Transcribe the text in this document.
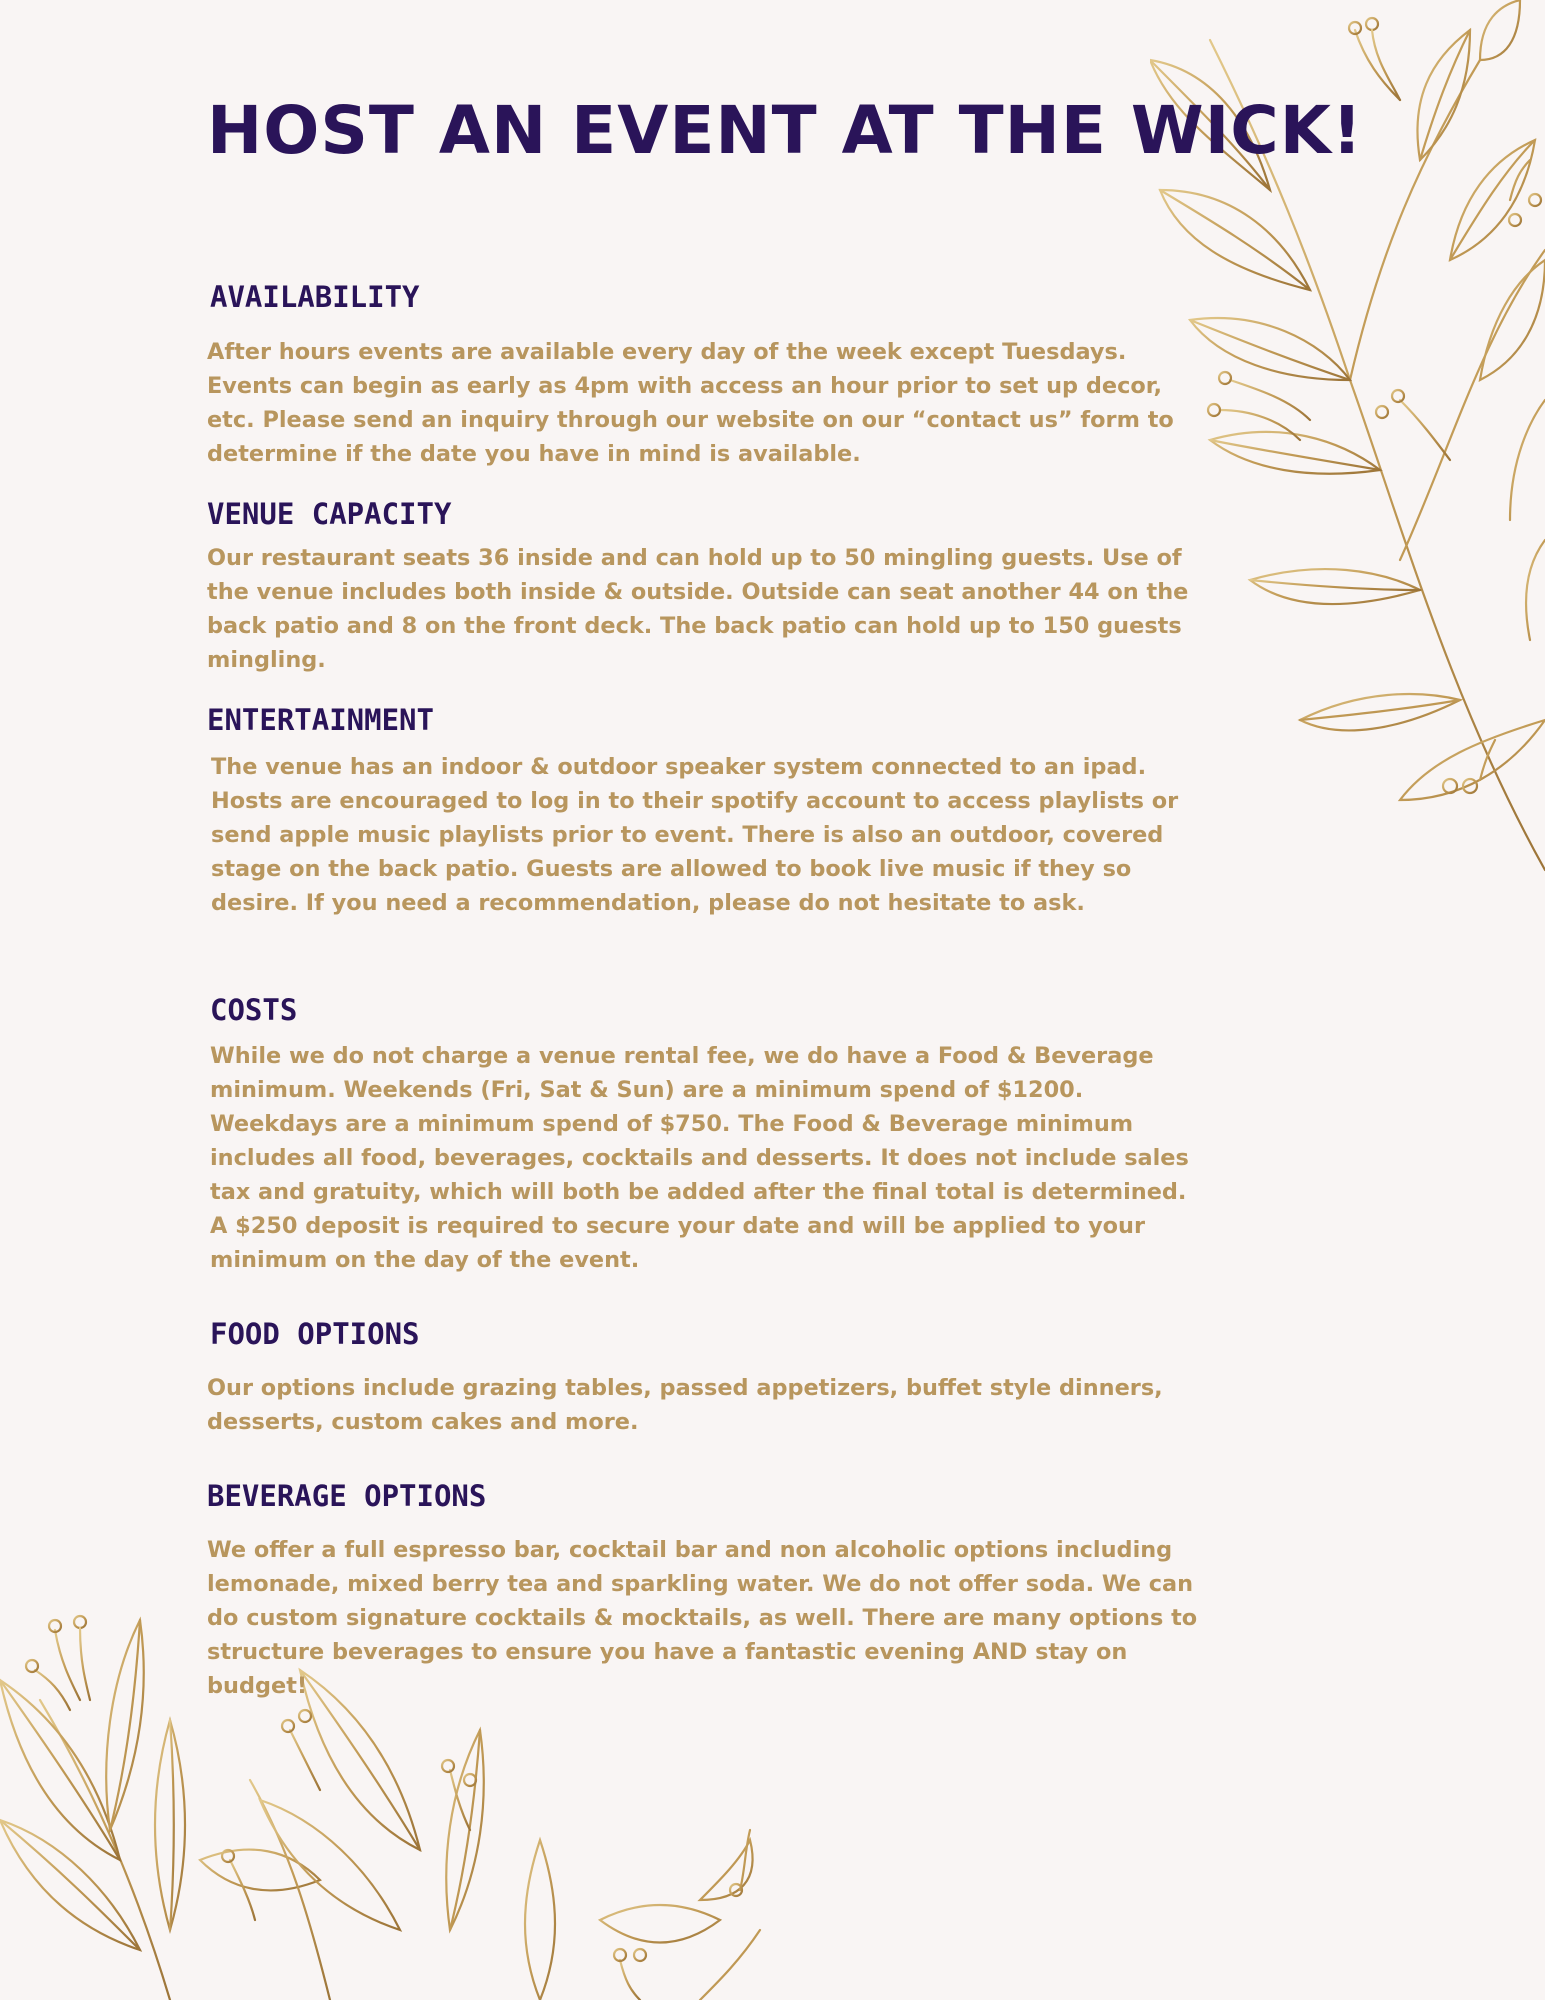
HOST AN EVENT AT THE WICK!
AVAILABILITY

After hours events are available every day of the week except Tuesdays. Events can begin as early as 4pm with access an hour prior to set up decor, etc. Please send an inquiry through our website on our “contact us” form to determine if the date you have in mind is available.

VENUE CAPACITY

Our restaurant seats 36 inside and can hold up to 50 mingling guests. Use of the venue includes both inside & outside. Outside can seat another 44 on the back patio and 8 on the front deck. The back patio can hold up to 150 guests mingling.

ENTERTAINMENT

The venue has an indoor & outdoor speaker system connected to an ipad. Hosts are encouraged to log in to their spotify account to access playlists or send apple music playlists prior to event. There is also an outdoor, covered stage on the back patio. Guests are allowed to book live music if they so desire. If you need a recommendation, please do not hesitate to ask.

COSTS

While we do not charge a venue rental fee, we do have a Food & Beverage minimum. Weekends (Fri, Sat & Sun) are a minimum spend of $1200. Weekdays are a minimum spend of $750. The Food & Beverage minimum includes all food, beverages, cocktails and desserts. It does not include sales tax and gratuity, which will both be added after the final total is determined. A $250 deposit is required to secure your date and will be applied to your minimum on the day of the event.

FOOD OPTIONS

Our options include grazing tables, passed appetizers, buffet style dinners, desserts, custom cakes and more.

BEVERAGE OPTIONS

We offer a full espresso bar, cocktail bar and non alcoholic options including lemonade, mixed berry tea and sparkling water. We do not offer soda. We can do custom signature cocktails & mocktails, as well. There are many options to structure beverages to ensure you have a fantastic evening AND stay on budget!
